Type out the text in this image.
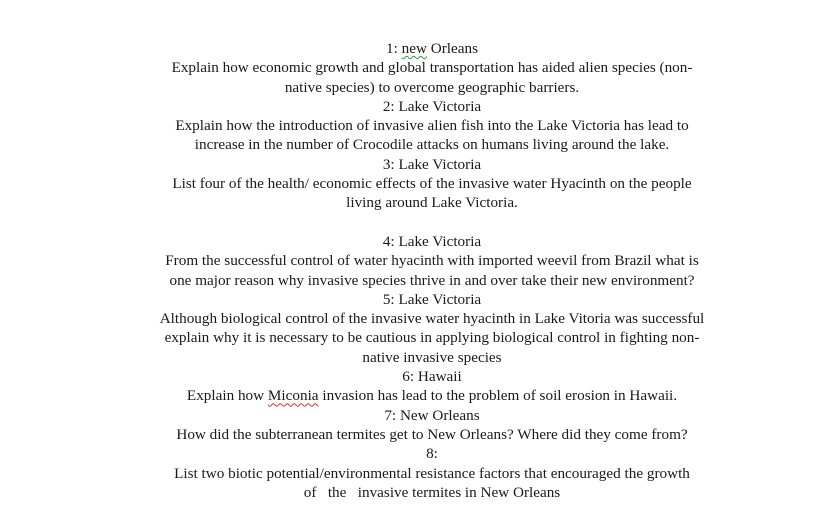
1: new Orleans
Explain how economic growth and global transportation has aided alien species (non-
native species) to overcome geographic barriers.
2: Lake Victoria
Explain how the introduction of invasive alien fish into the Lake Victoria has lead to
increase in the number of Crocodile attacks on humans living around the lake.
3: Lake Victoria
List four of the health/ economic effects of the invasive water Hyacinth on the people
living around Lake Victoria.
4: Lake Victoria
From the successful control of water hyacinth with imported weevil from Brazil what is
one major reason why invasive species thrive in and over take their new environment?
5: Lake Victoria
Although biological control of the invasive water hyacinth in Lake Vitoria was successful
explain why it is necessary to be cautious in applying biological control in fighting non-
native invasive species
6: Hawaii
Explain how Miconia invasion has lead to the problem of soil erosion in Hawaii.
7: New Orleans
How did the subterranean termites get to New Orleans? Where did they come from?
8:
List two biotic potential/environmental resistance factors that encouraged the growth
of   the   invasive termites in New Orleans
